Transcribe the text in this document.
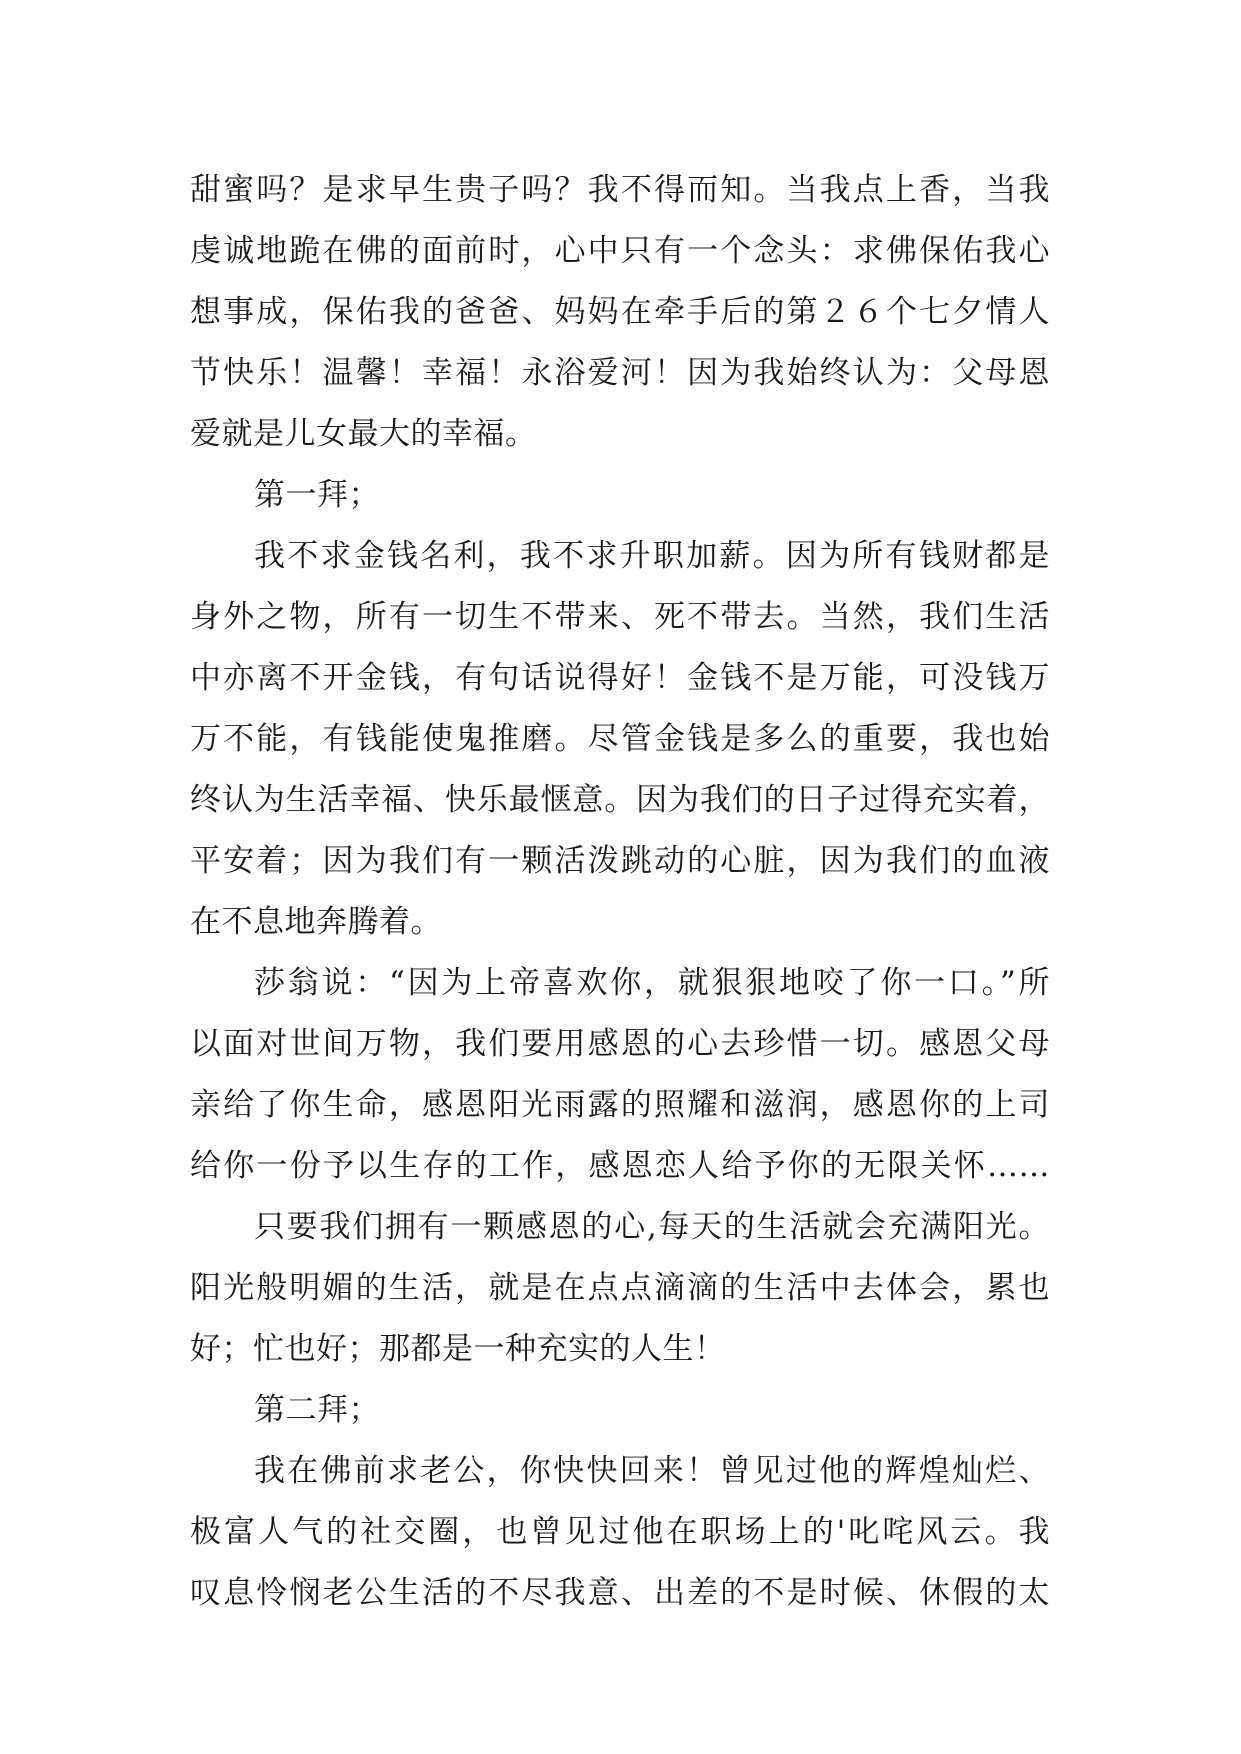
甜蜜吗？是求早生贵子吗？我不得而知。当我点上香，当我
虔诚地跪在佛的面前时，心中只有一个念头：求佛保佑我心
想事成，保佑我的爸爸、妈妈在牵手后的第２６个七夕情人
节快乐！温馨！幸福！永浴爱河！因为我始终认为：父母恩
爱就是儿女最大的幸福。
第一拜；
我不求金钱名利，我不求升职加薪。因为所有钱财都是
身外之物，所有一切生不带来、死不带去。当然，我们生活
中亦离不开金钱，有句话说得好！金钱不是万能，可没钱万
万不能，有钱能使鬼推磨。尽管金钱是多么的重要，我也始
终认为生活幸福、快乐最惬意。因为我们的日子过得充实着，
平安着；因为我们有一颗活泼跳动的心脏，因为我们的血液
在不息地奔腾着。
莎翁说：“因为上帝喜欢你，就狠狠地咬了你一口。”所
以面对世间万物，我们要用感恩的心去珍惜一切。感恩父母
亲给了你生命，感恩阳光雨露的照耀和滋润，感恩你的上司
给你一份予以生存的工作，感恩恋人给予你的无限关怀……
只要我们拥有一颗感恩的心,每天的生活就会充满阳光。
阳光般明媚的生活，就是在点点滴滴的生活中去体会，累也
好；忙也好；那都是一种充实的人生！
第二拜；
我在佛前求老公，你快快回来！曾见过他的辉煌灿烂、
极富人气的社交圈，也曾见过他在职场上的'叱咤风云。我
叹息怜悯老公生活的不尽我意、出差的不是时候、休假的太
